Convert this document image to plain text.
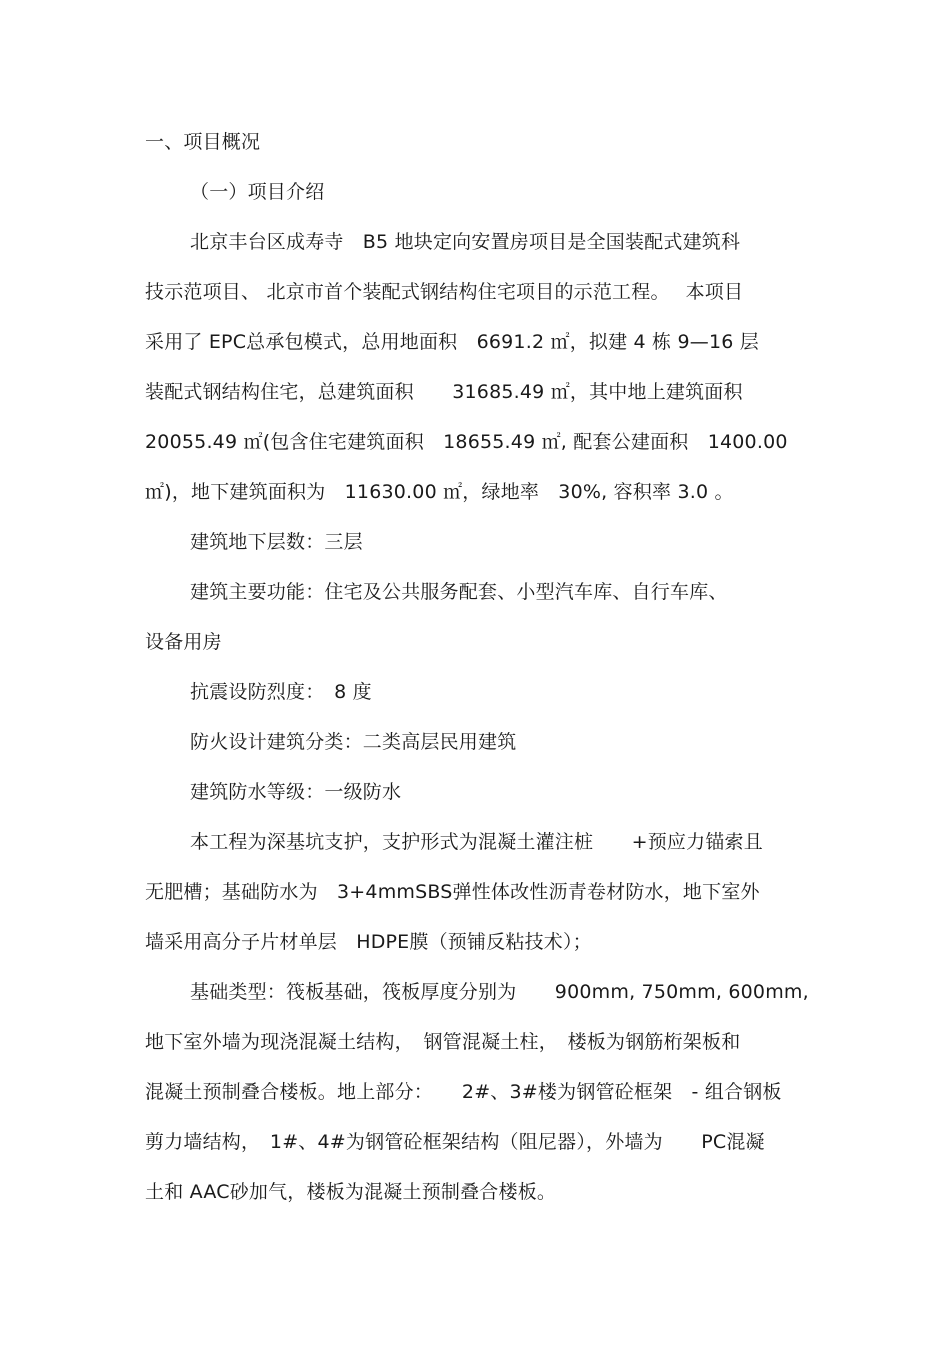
一、项目概况
（一）项目介绍
北京丰台区成寿寺　B5 地块定向安置房项目是全国装配式建筑科
技示范项目、 北京市首个装配式钢结构住宅项目的示范工程。　 本项目
采用了 EPC总承包模式，总用地面积　6691.2 ㎡，拟建 4 栋 9—16 层
装配式钢结构住宅，总建筑面积　　31685.49 ㎡，其中地上建筑面积
20055.49 ㎡(包含住宅建筑面积　18655.49 ㎡, 配套公建面积　1400.00
㎡)，地下建筑面积为　11630.00 ㎡，绿地率　30%, 容积率 3.0 。
建筑地下层数：三层
建筑主要功能：住宅及公共服务配套、小型汽车库、自行车库、
设备用房
抗震设防烈度：　8 度
防火设计建筑分类：二类高层民用建筑
建筑防水等级：一级防水
本工程为深基坑支护，支护形式为混凝土灌注桩　　+预应力锚索且
无肥槽；基础防水为　3+4mmSBS弹性体改性沥青卷材防水，地下室外
墙采用高分子片材单层　HDPE膜（预铺反粘技术）；
基础类型：筏板基础，筏板厚度分别为　　900mm, 750mm, 600mm,
地下室外墙为现浇混凝土结构，　钢管混凝土柱，　楼板为钢筋桁架板和
混凝土预制叠合楼板。地上部分：　　2#、3#楼为钢管砼框架　- 组合钢板
剪力墙结构，　1#、4#为钢管砼框架结构（阻尼器），外墙为　　PC混凝
土和 AAC砂加气，楼板为混凝土预制叠合楼板。
